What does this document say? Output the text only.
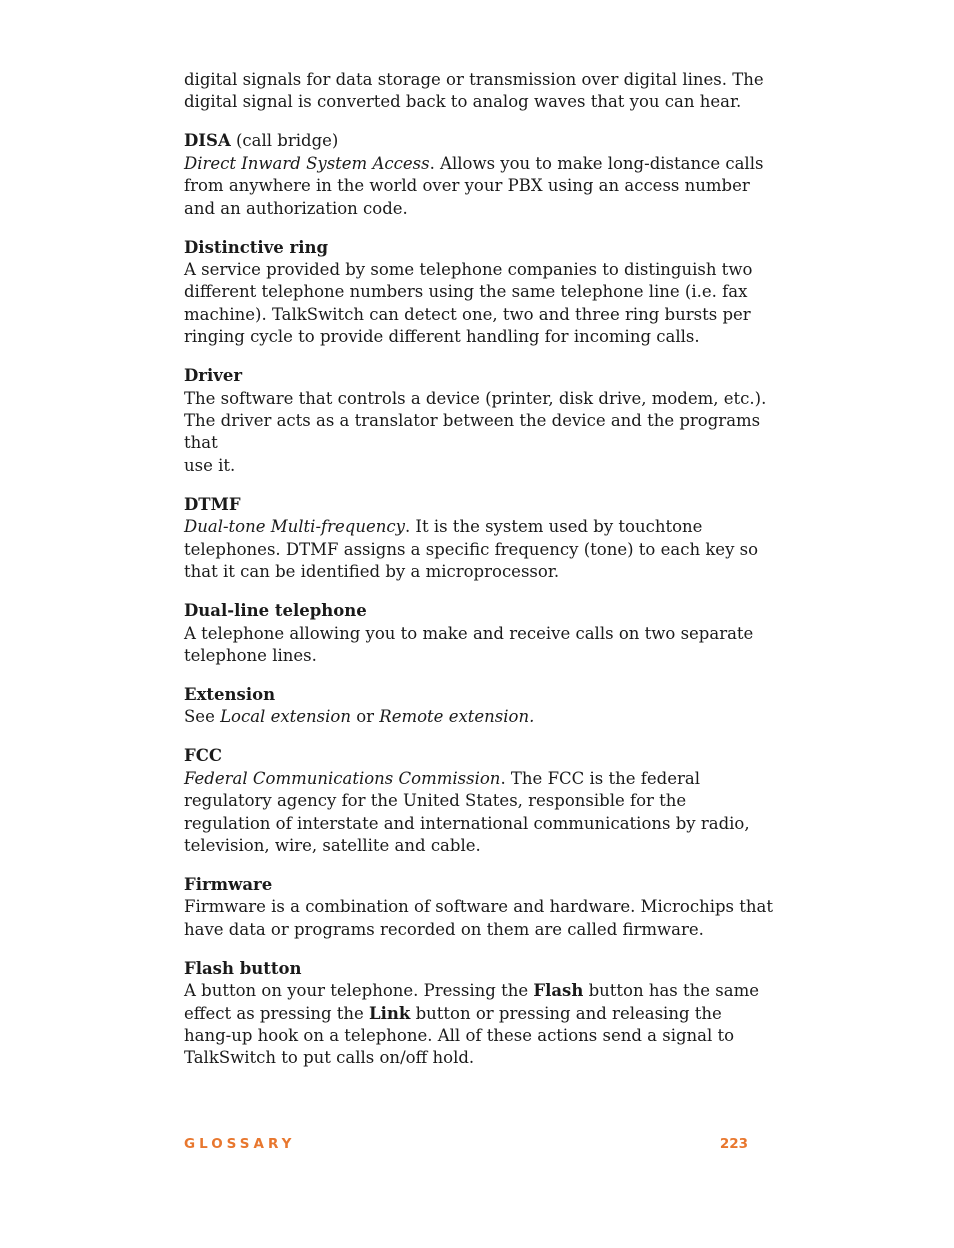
digital signals for data storage or transmission over digital lines. The digital signal is converted back to analog waves that you can hear.

DISA (call bridge)

Direct Inward System Access. Allows you to make long-distance calls from anywhere in the world over your PBX using an access number and an authorization code.

Distinctive ring

A service provided by some telephone companies to distinguish two different telephone numbers using the same telephone line (i.e. fax machine). TalkSwitch can detect one, two and three ring bursts per ringing cycle to provide different handling for incoming calls.

Driver

The software that controls a device (printer, disk drive, modem, etc.). The driver acts as a translator between the device and the programs that
use it.

DTMF

Dual-tone Multi-frequency. It is the system used by touchtone telephones. DTMF assigns a specific frequency (tone) to each key so that it can be identified by a microprocessor.

Dual-line telephone

A telephone allowing you to make and receive calls on two separate telephone lines.

Extension

See Local extension or Remote extension.

FCC

Federal Communications Commission. The FCC is the federal regulatory agency for the United States, responsible for the regulation of interstate and international communications by radio, television, wire, satellite and cable.

Firmware

Firmware is a combination of software and hardware. Microchips that have data or programs recorded on them are called firmware.

Flash button

A button on your telephone. Pressing the Flash button has the same effect as pressing the Link button or pressing and releasing the hang-up hook on a telephone. All of these actions send a signal to TalkSwitch to put calls on/off hold.

GLOSSARY	223
